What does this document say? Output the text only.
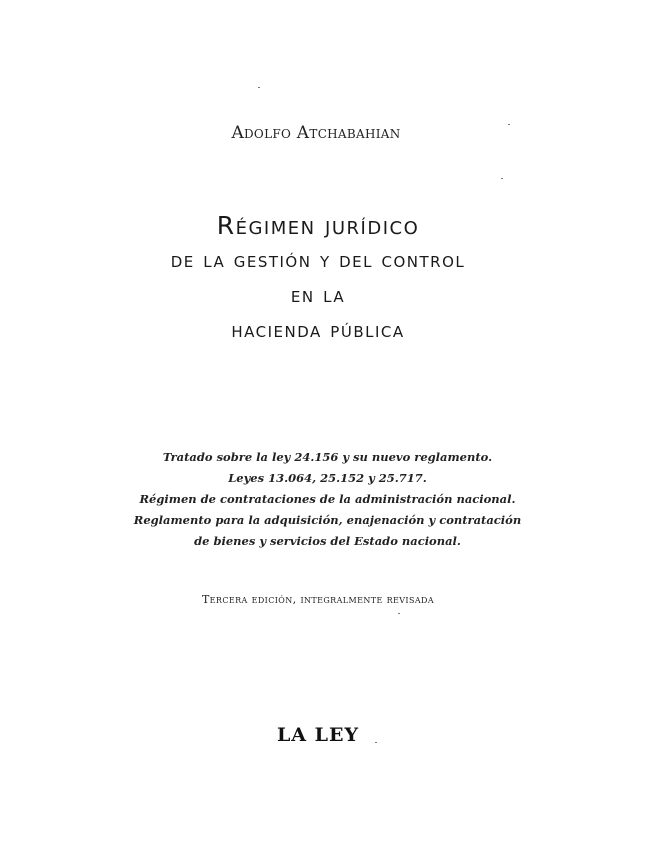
Adolfo Atchabahian
Régimen jurídico
de la gestión y del control
en la
hacienda pública
Tratado sobre la ley 24.156 y su nuevo reglamento.
Leyes 13.064, 25.152 y 25.717.
Régimen de contrataciones de la administración nacional.
Reglamento para la adquisición, enajenación y contratación
de bienes y servicios del Estado nacional.
Tercera edición, integralmente revisada
LA LEY
